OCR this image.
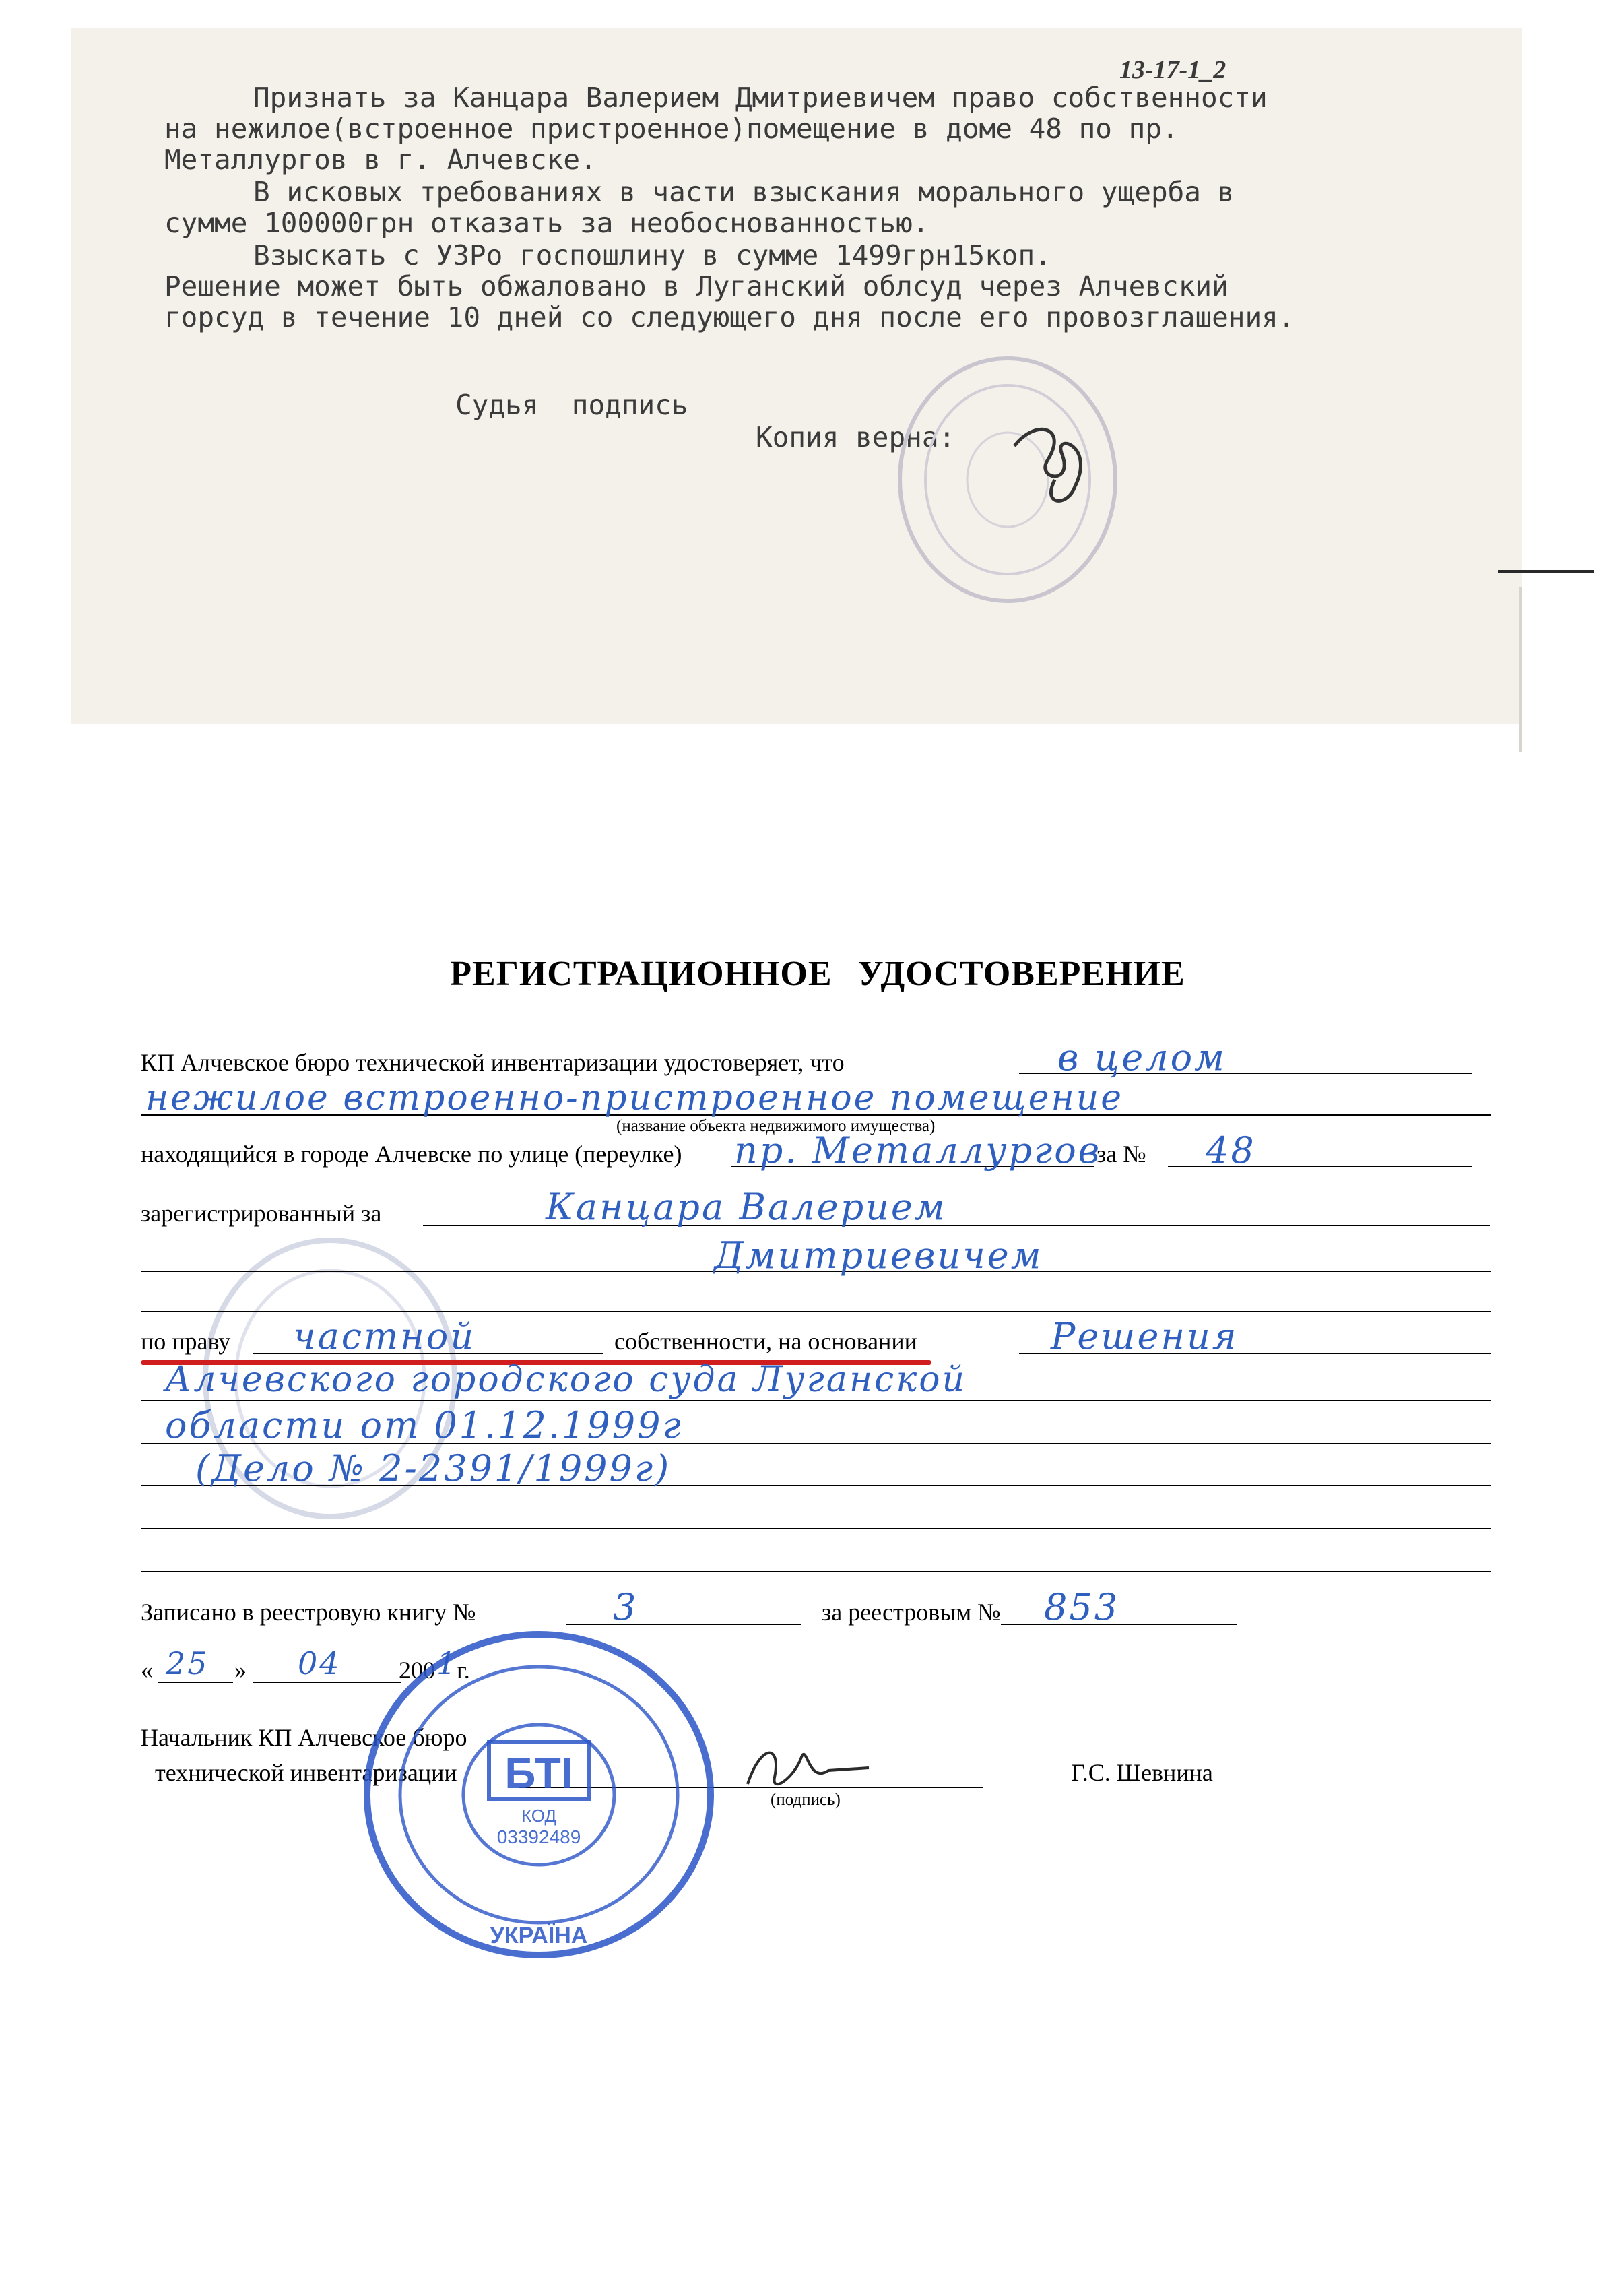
13-17-1_2
Признать за Канцара Валерием Дмитриевичем право собственности
на нежилое(встроенное пристроенное)помещение в доме 48 по пр.
Металлургов в г. Алчевске.
В исковых требованиях в части взыскания морального ущерба в
сумме 100000грн отказать за необоснованностью.
Взыскать с УЗРо госпошлину в сумме 1499грн15коп.
Решение может быть обжаловано в Луганский облсуд через Алчевский
горсуд в течение 10 дней со следующего дня после его провозглашения.
Судья  подпись
Копия верна:
РЕГИСТРАЦИОННОЕ УДОСТОВЕРЕНИЕ
КП Алчевское бюро технической инвентаризации удостоверяет, что	в целом
нежилое встроенно-пристроенное помещение
(название объекта недвижимого имущества)
находящийся в городе Алчевске по улице (переулке) пр. Металлургов
за № 48
зарегистрированный за	Канцара Валерием
Дмитриевичем
по праву частной	собственности, на основании	Решения
Алчевского городского суда Луганской
области от 01.12.1999г
(Дело № 2-2391/1999г)
Записано в реестровую книгу №	3	за реестровым № 853
« 25 » 04 200 1
г.
Начальник КП Алчевское бюро
технической инвентаризации
(подпись)
Г.С. Шевнина
БТІ
КОД
03392489
УКРАЇНА
